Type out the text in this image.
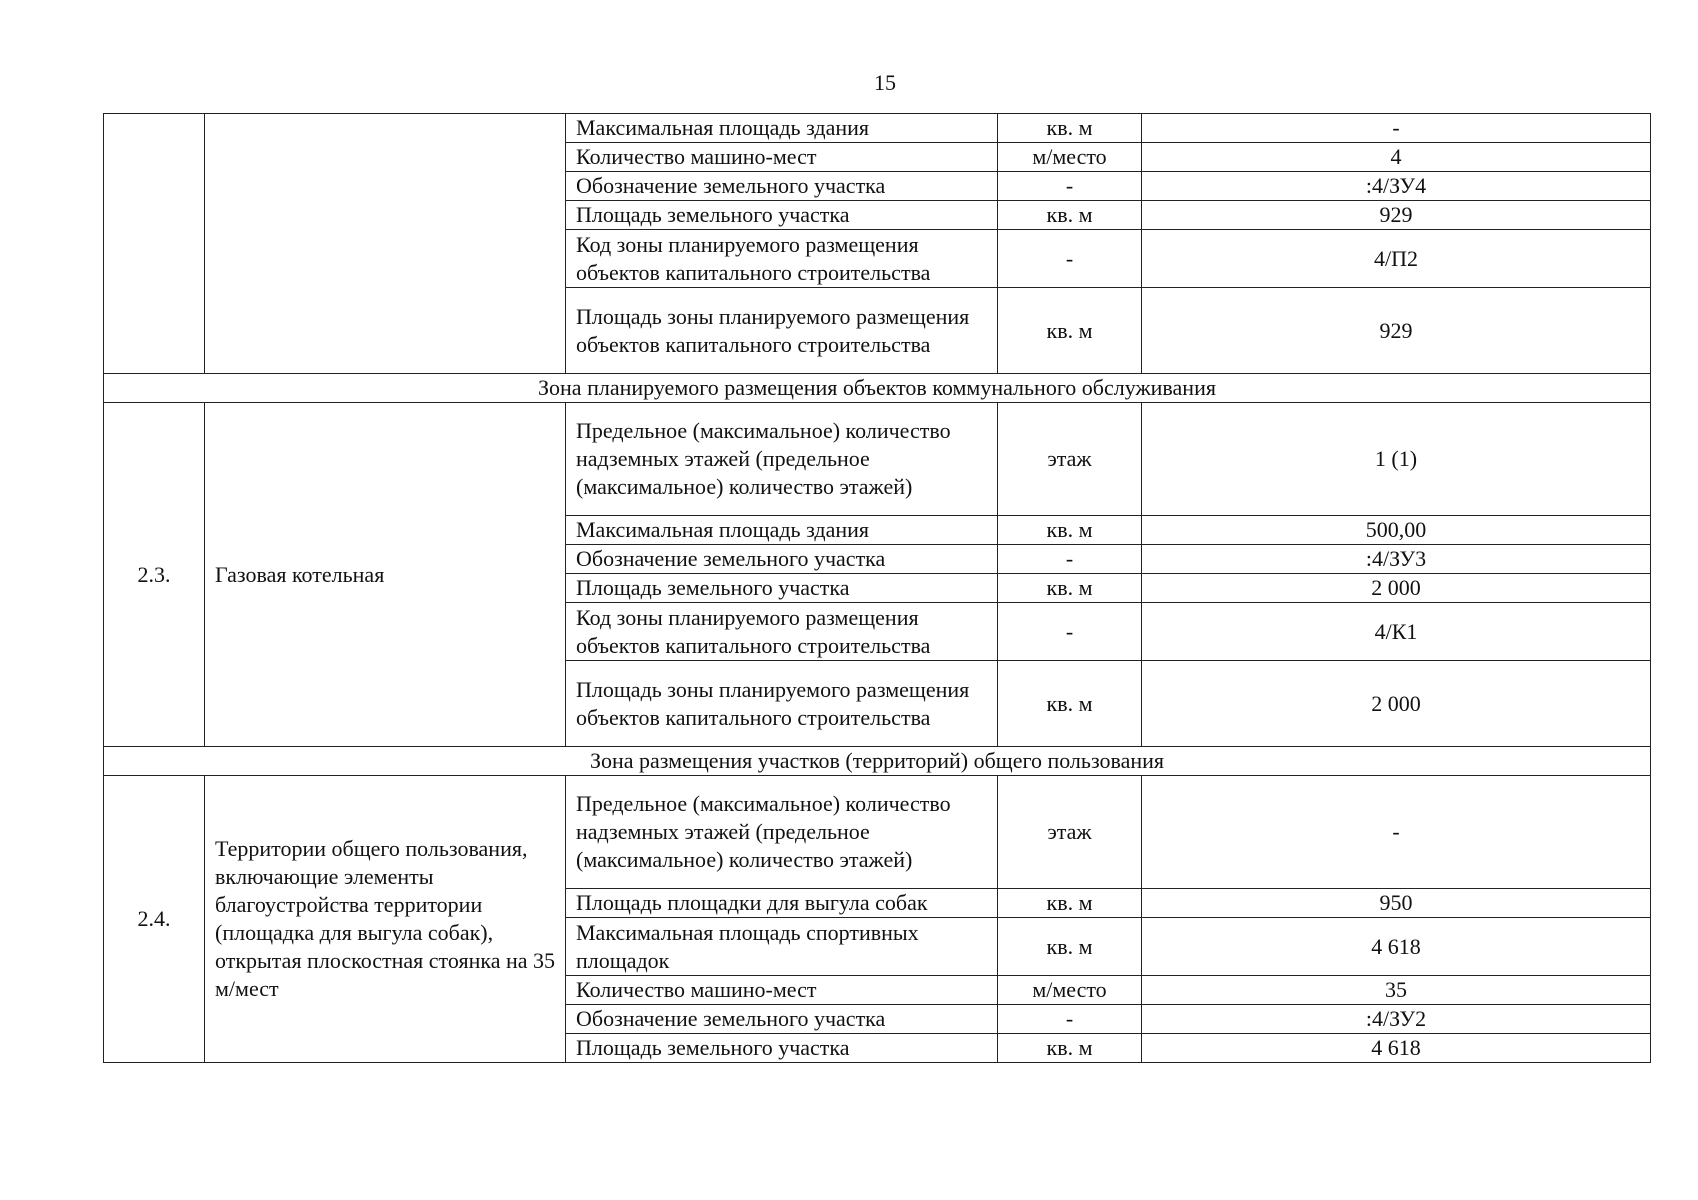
15
		Максимальная площадь здания	кв. м	-
		Количество машино-мест	м/место	4
		Обозначение земельного участка	-	:4/ЗУ4
		Площадь земельного участка	кв. м	929
		Код зоны планируемого размещения объектов капитального строительства	-	4/П2
		Площадь зоны планируемого размещения объектов капитального строительства	кв. м	929
Зона планируемого размещения объектов коммунального обслуживания				
2.3.	Газовая котельная	Предельное (максимальное) количество надземных этажей (предельное (максимальное) количество этажей)	этаж	1 (1)
		Максимальная площадь здания	кв. м	500,00
		Обозначение земельного участка	-	:4/ЗУ3
		Площадь земельного участка	кв. м	2 000
		Код зоны планируемого размещения объектов капитального строительства	-	4/К1
		Площадь зоны планируемого размещения объектов капитального строительства	кв. м	2 000
Зона размещения участков (территорий) общего пользования				
2.4.	Территории общего пользования, включающие элементы благоустройства территории (площадка для выгула собак), открытая плоскостная стоянка на 35 м/мест	Предельное (максимальное) количество надземных этажей (предельное (максимальное) количество этажей)	этаж	-
		Площадь площадки для выгула собак	кв. м	950
		Максимальная площадь спортивных площадок	кв. м	4 618
		Количество машино-мест	м/место	35
		Обозначение земельного участка	-	:4/ЗУ2
		Площадь земельного участка	кв. м	4 618
